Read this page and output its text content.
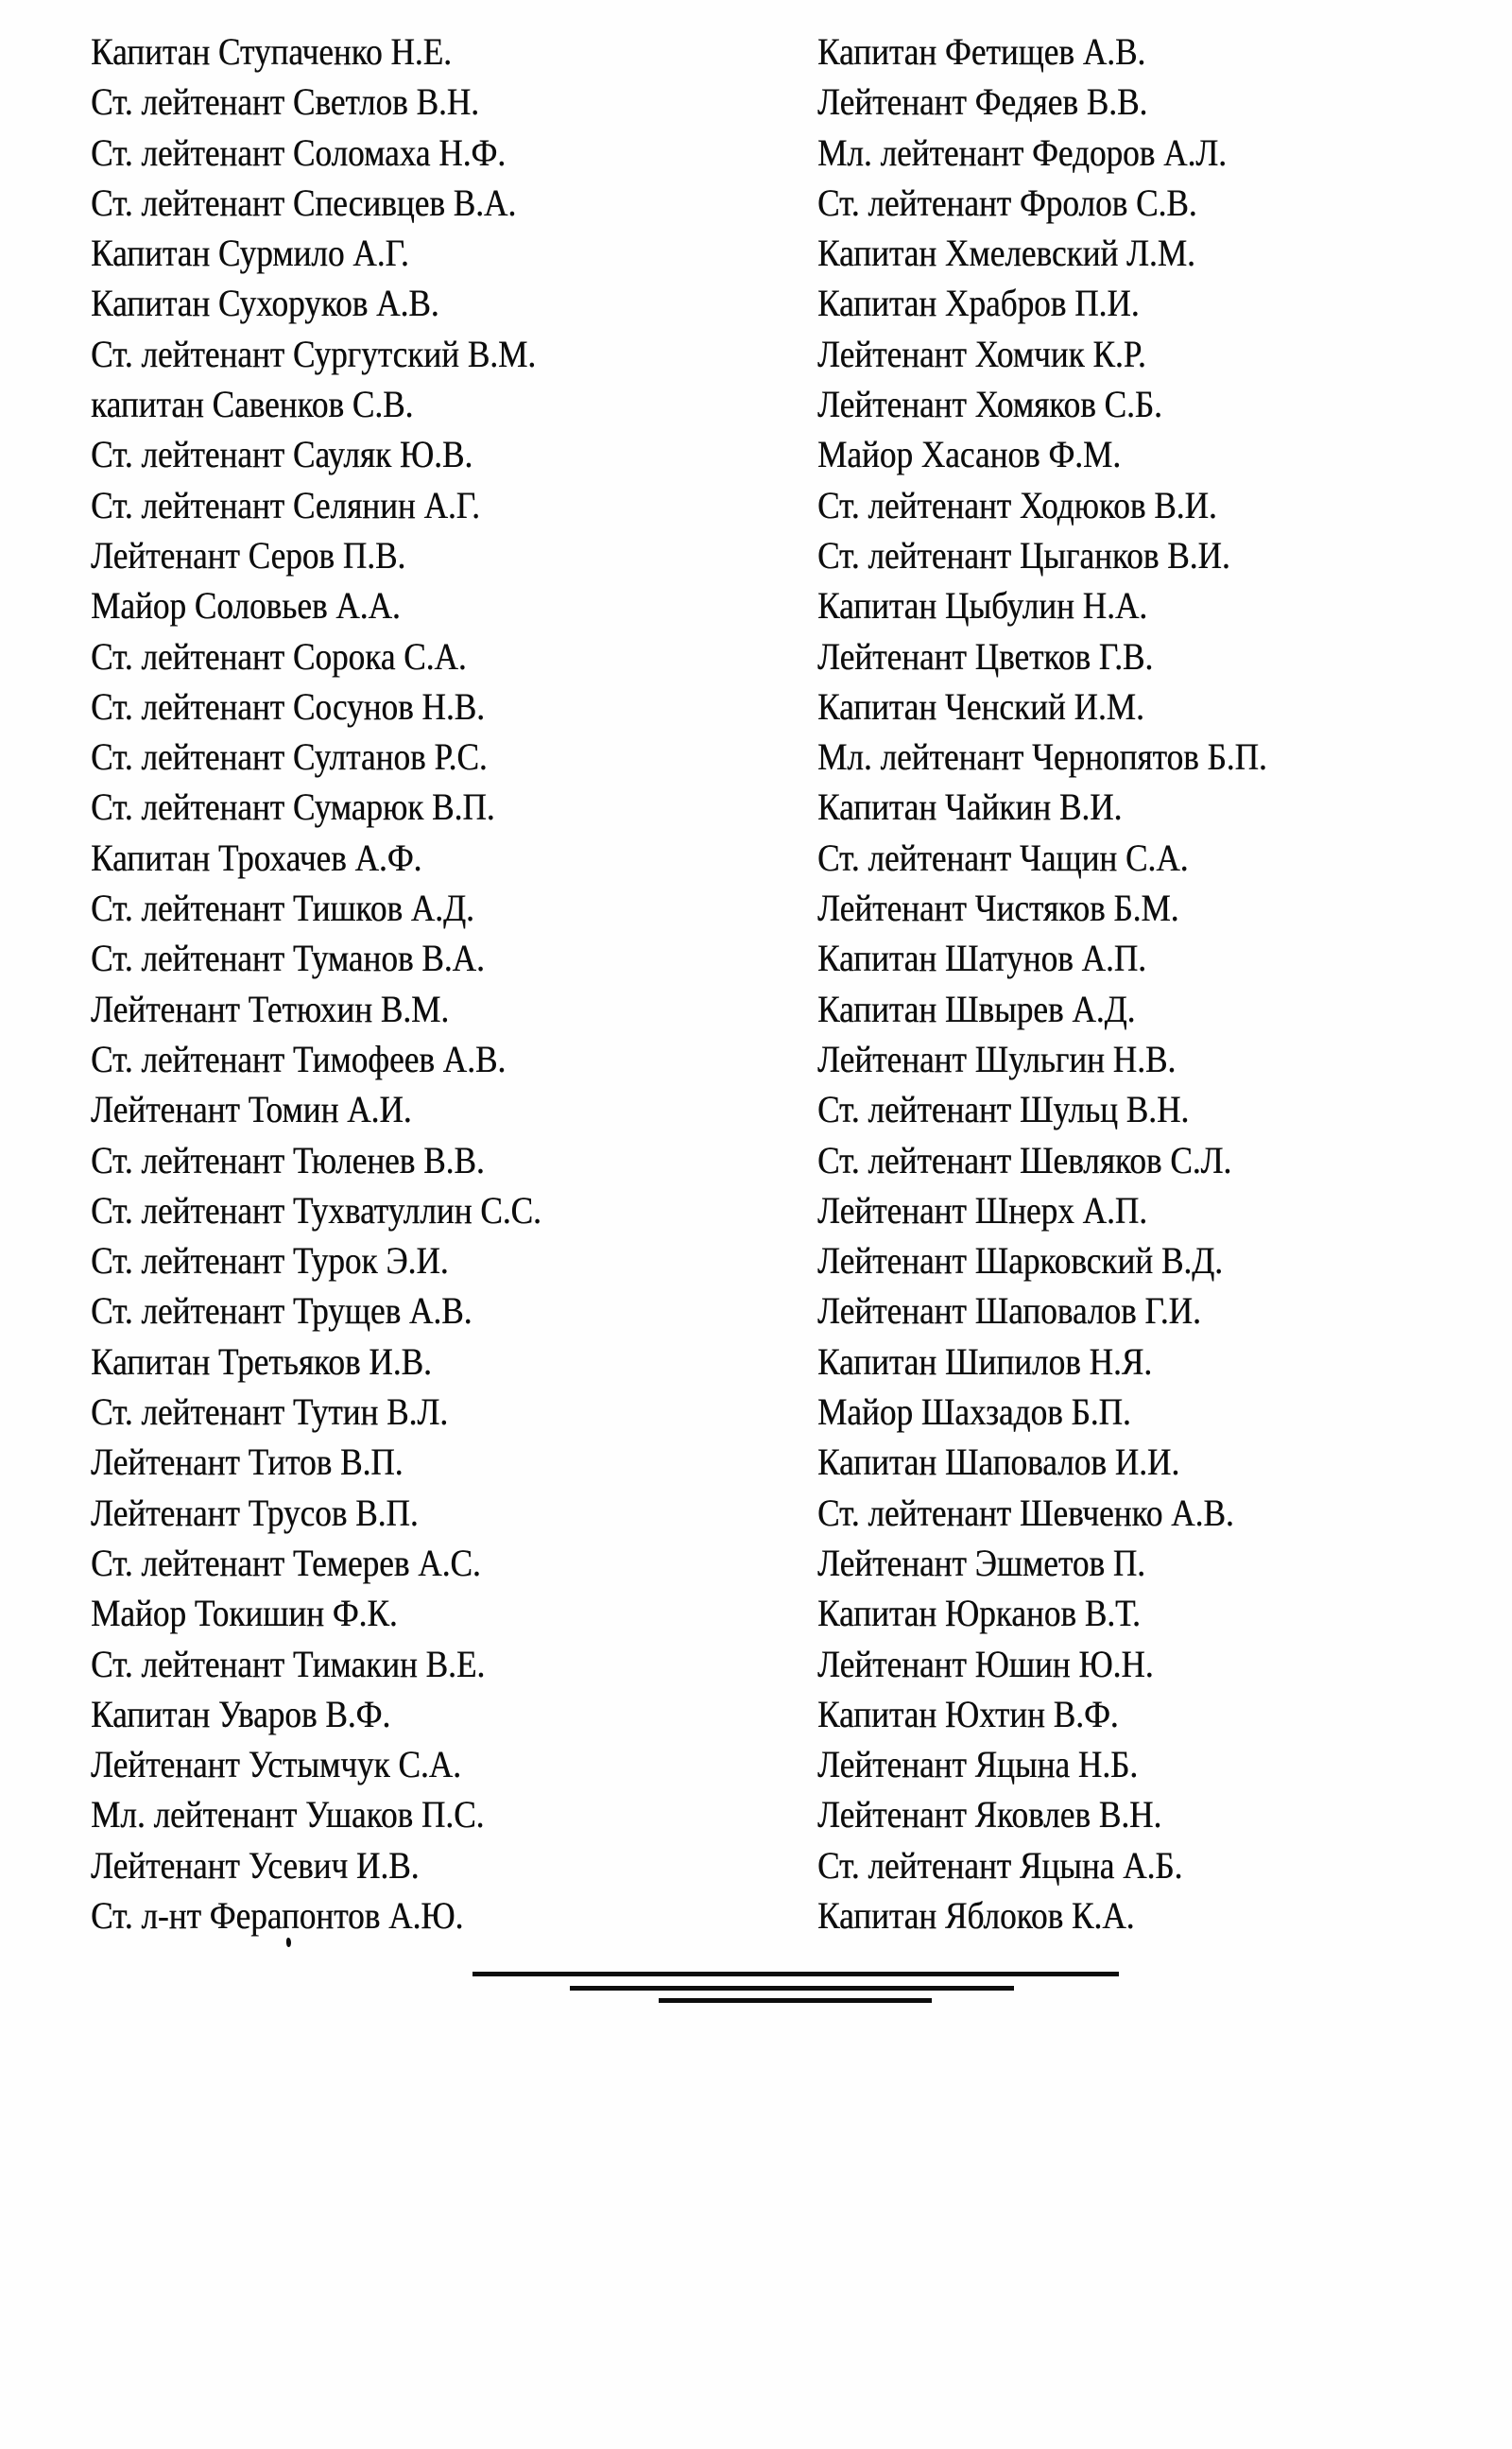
Капитан Ступаченко Н.Е.
Ст. лейтенант Светлов В.Н.
Ст. лейтенант Соломаха Н.Ф.
Ст. лейтенант Спесивцев В.А.
Капитан Сурмило А.Г.
Капитан Сухоруков А.В.
Ст. лейтенант Сургутский В.М.
капитан Савенков С.В.
Ст. лейтенант Сауляк Ю.В.
Ст. лейтенант Селянин А.Г.
Лейтенант Серов П.В.
Майор Соловьев А.А.
Ст. лейтенант Сорока С.А.
Ст. лейтенант Сосунов Н.В.
Ст. лейтенант Султанов Р.С.
Ст. лейтенант Сумарюк В.П.
Капитан Трохачев А.Ф.
Ст. лейтенант Тишков А.Д.
Ст. лейтенант Туманов В.А.
Лейтенант Тетюхин В.М.
Ст. лейтенант Тимофеев А.В.
Лейтенант Томин А.И.
Ст. лейтенант Тюленев В.В.
Ст. лейтенант Тухватуллин С.С.
Ст. лейтенант Турок Э.И.
Ст. лейтенант Трущев А.В.
Капитан Третьяков И.В.
Ст. лейтенант Тутин В.Л.
Лейтенант Титов В.П.
Лейтенант Трусов В.П.
Ст. лейтенант Темерев А.С.
Майор Токишин Ф.К.
Ст. лейтенант Тимакин В.Е.
Капитан Уваров В.Ф.
Лейтенант Устымчук С.А.
Мл. лейтенант Ушаков П.С.
Лейтенант Усевич И.В.
Ст. л-нт Ферапонтов А.Ю.
Капитан Фетищев А.В.
Лейтенант Федяев В.В.
Мл. лейтенант Федоров А.Л.
Ст. лейтенант Фролов С.В.
Капитан Хмелевский Л.М.
Капитан Храбров П.И.
Лейтенант Хомчик К.Р.
Лейтенант Хомяков С.Б.
Майор Хасанов Ф.М.
Ст. лейтенант Ходюков В.И.
Ст. лейтенант Цыганков В.И.
Капитан Цыбулин Н.А.
Лейтенант Цветков Г.В.
Капитан Ченский И.М.
Мл. лейтенант Чернопятов Б.П.
Капитан Чайкин В.И.
Ст. лейтенант Чащин С.А.
Лейтенант Чистяков Б.М.
Капитан Шатунов А.П.
Капитан Швырев А.Д.
Лейтенант Шульгин Н.В.
Ст. лейтенант Шульц В.Н.
Ст. лейтенант Шевляков С.Л.
Лейтенант Шнерх А.П.
Лейтенант Шарковский В.Д.
Лейтенант Шаповалов Г.И.
Капитан Шипилов Н.Я.
Майор Шахзадов Б.П.
Капитан Шаповалов И.И.
Ст. лейтенант Шевченко А.В.
Лейтенант Эшметов П.
Капитан Юрканов В.Т.
Лейтенант Юшин Ю.Н.
Капитан Юхтин В.Ф.
Лейтенант Яцына Н.Б.
Лейтенант Яковлев В.Н.
Ст. лейтенант Яцына А.Б.
Капитан Яблоков К.А.
